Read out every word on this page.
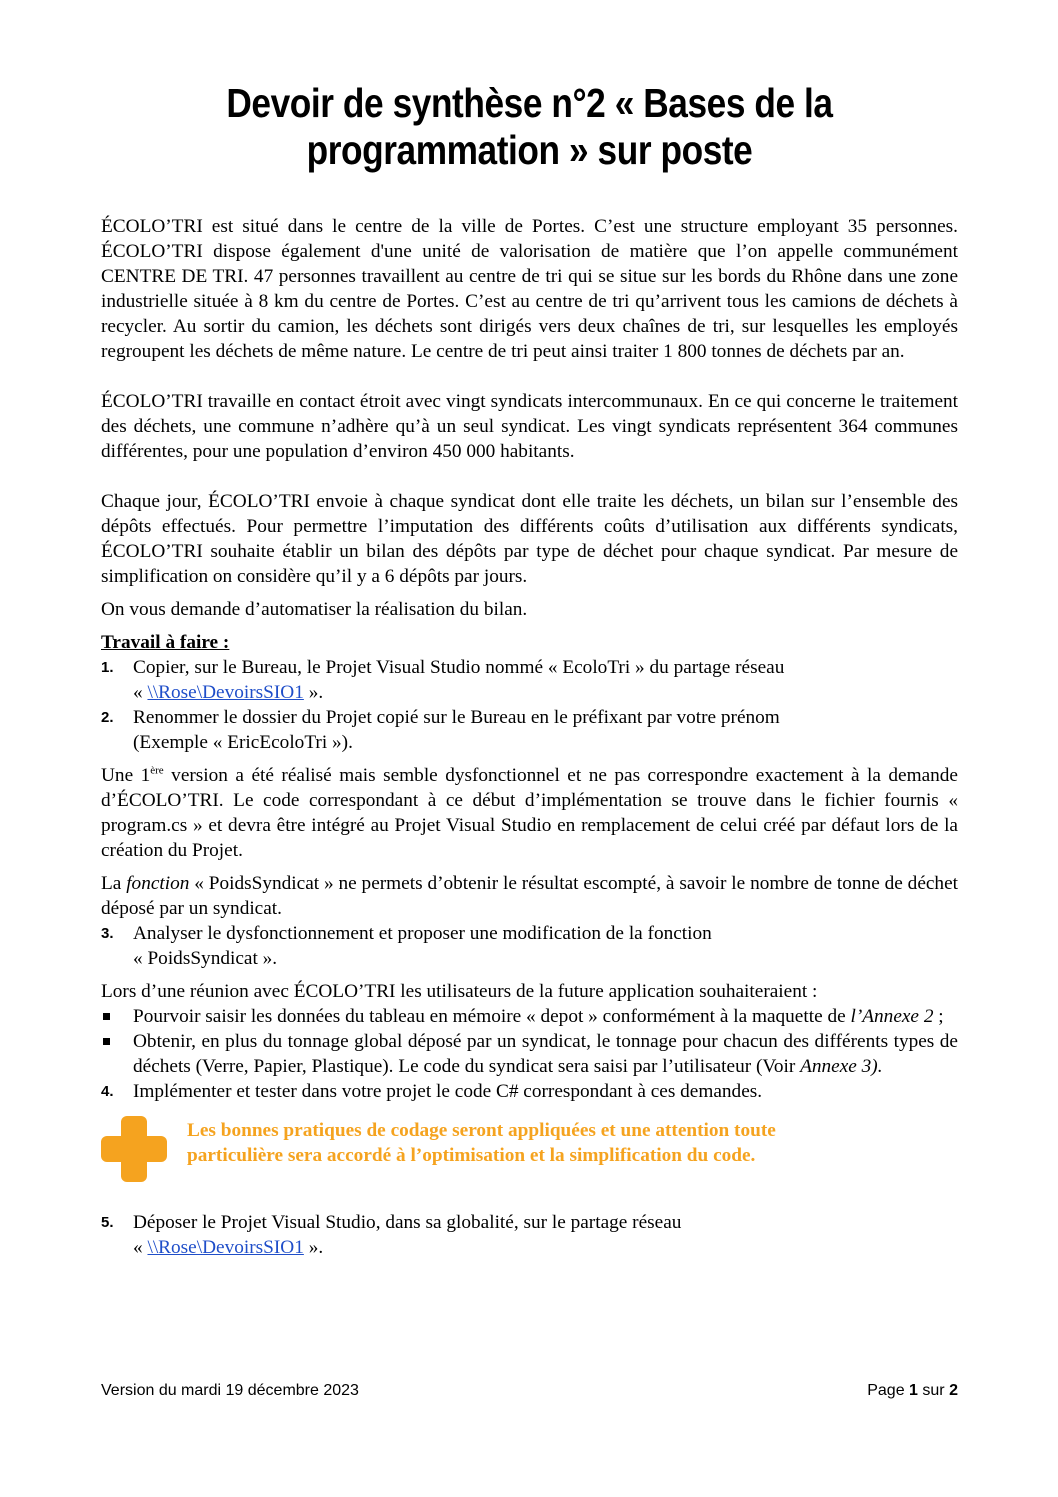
Devoir de synthèse n°2 « Bases de la
programmation » sur poste

ÉCOLO’TRI est situé dans le centre de la ville de Portes. C’est une structure employant 35 personnes. ÉCOLO’TRI dispose également d'une unité de valorisation de matière que l’on appelle communément CENTRE DE TRI. 47 personnes travaillent au centre de tri qui se situe sur les bords du Rhône dans une zone industrielle située à 8 km du centre de Portes. C’est au centre de tri qu’arrivent tous les camions de déchets à recycler. Au sortir du camion, les déchets sont dirigés vers deux chaînes de tri, sur lesquelles les employés regroupent les déchets de même nature. Le centre de tri peut ainsi traiter 1 800 tonnes de déchets par an.

ÉCOLO’TRI travaille en contact étroit avec vingt syndicats intercommunaux. En ce qui concerne le traitement des déchets, une commune n’adhère qu’à un seul syndicat. Les vingt syndicats représentent 364 communes différentes, pour une population d’environ 450 000 habitants.

Chaque jour, ÉCOLO’TRI envoie à chaque syndicat dont elle traite les déchets, un bilan sur l’ensemble des dépôts effectués. Pour permettre l’imputation des différents coûts d’utilisation aux différents syndicats, ÉCOLO’TRI souhaite établir un bilan des dépôts par type de déchet pour chaque syndicat. Par mesure de simplification on considère qu’il y a 6 dépôts par jours.

On vous demande d’automatiser la réalisation du bilan.

Travail à faire :
1. Copier, sur le Bureau, le Projet Visual Studio nommé « EcoloTri » du partage réseau
« \\Rose\DevoirsSIO1 ».
2. Renommer le dossier du Projet copié sur le Bureau en le préfixant par votre prénom
(Exemple « EricEcoloTri »).

Une 1ère version a été réalisé mais semble dysfonctionnel et ne pas correspondre exactement à la demande d’ÉCOLO’TRI. Le code correspondant à ce début d’implémentation se trouve dans le fichier fournis « program.cs » et devra être intégré au Projet Visual Studio en remplacement de celui créé par défaut lors de la création du Projet.

La fonction « PoidsSyndicat » ne permets d’obtenir le résultat escompté, à savoir le nombre de tonne de déchet déposé par un syndicat.

3. Analyser le dysfonctionnement et proposer une modification de la fonction
« PoidsSyndicat ».

Lors d’une réunion avec ÉCOLO’TRI les utilisateurs de la future application souhaiteraient :

Pourvoir saisir les données du tableau en mémoire « depot » conformément à la maquette de l’Annexe 2 ;
Obtenir, en plus du tonnage global déposé par un syndicat, le tonnage pour chacun des différents types de déchets (Verre, Papier, Plastique). Le code du syndicat sera saisi par l’utilisateur (Voir Annexe 3).
4. Implémenter et tester dans votre projet le code C# correspondant à ces demandes.
Les bonnes pratiques de codage seront appliquées et une attention toute
particulière sera accordé à l’optimisation et la simplification du code.
5. Déposer le Projet Visual Studio, dans sa globalité, sur le partage réseau
« \\Rose\DevoirsSIO1 ».
Version du mardi 19 décembre 2023	Page 1 sur 2
